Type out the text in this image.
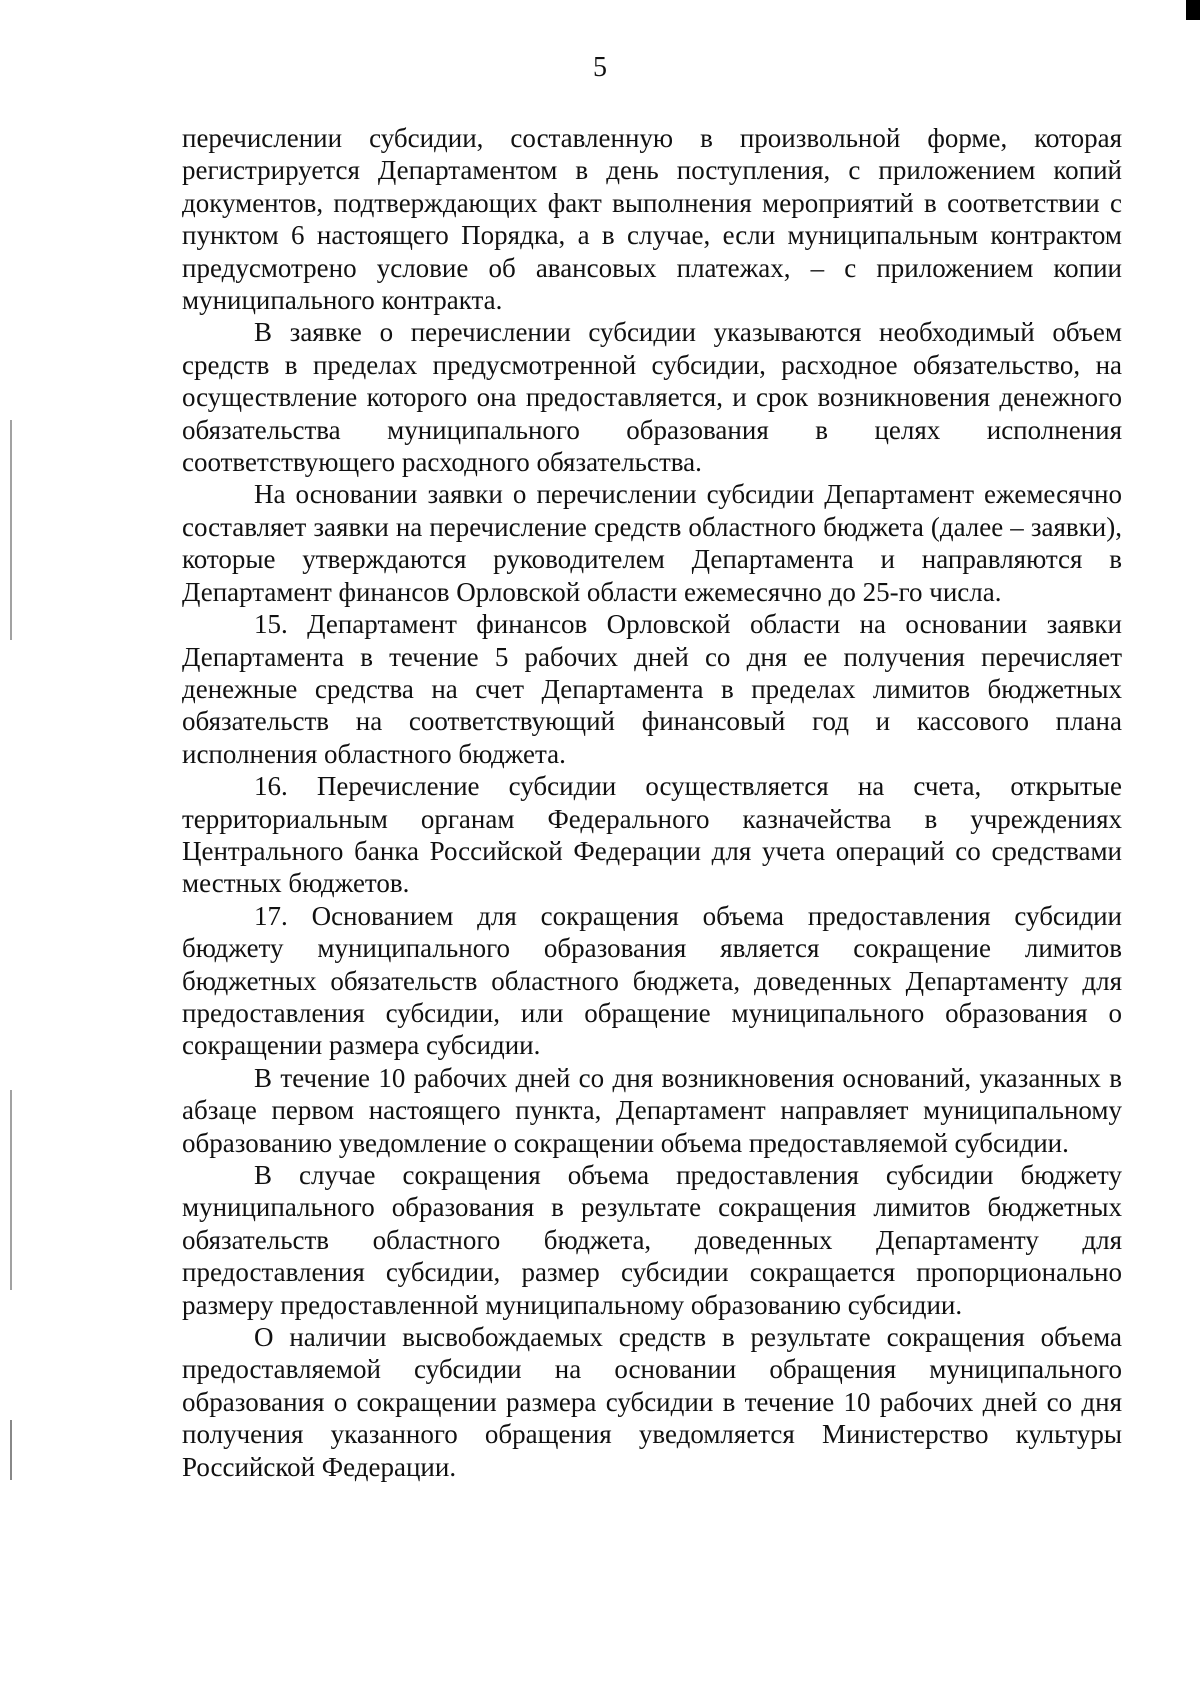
5

перечислении субсидии, составленную в произвольной форме, которая регистрируется Департаментом в день поступления, с приложением копий документов, подтверждающих факт выполнения мероприятий в соответствии с пунктом 6 настоящего Порядка, а в случае, если муниципальным контрактом предусмотрено условие об авансовых платежах, – с приложением копии муниципального контракта.

В заявке о перечислении субсидии указываются необходимый объем средств в пределах предусмотренной субсидии, расходное обязательство, на осуществление которого она предоставляется, и срок возникновения денежного обязательства муниципального образования в целях исполнения соответствующего расходного обязательства.

На основании заявки о перечислении субсидии Департамент ежемесячно составляет заявки на перечисление средств областного бюджета (далее – заявки), которые утверждаются руководителем Департамента и направляются в Департамент финансов Орловской области ежемесячно до 25-го числа.

15. Департамент финансов Орловской области на основании заявки Департамента в течение 5 рабочих дней со дня ее получения перечисляет денежные средства на счет Департамента в пределах лимитов бюджетных обязательств на соответствующий финансовый год и кассового плана исполнения областного бюджета.

16. Перечисление субсидии осуществляется на счета, открытые территориальным органам Федерального казначейства в учреждениях Центрального банка Российской Федерации для учета операций со средствами местных бюджетов.

17. Основанием для сокращения объема предоставления субсидии бюджету муниципального образования является сокращение лимитов бюджетных обязательств областного бюджета, доведенных Департаменту для предоставления субсидии, или обращение муниципального образования о сокращении размера субсидии.

В течение 10 рабочих дней со дня возникновения оснований, указанных в абзаце первом настоящего пункта, Департамент направляет муниципальному образованию уведомление о сокращении объема предоставляемой субсидии.

В случае сокращения объема предоставления субсидии бюджету муниципального образования в результате сокращения лимитов бюджетных обязательств областного бюджета, доведенных Департаменту для предоставления субсидии, размер субсидии сокращается пропорционально размеру предоставленной муниципальному образованию субсидии.

О наличии высвобождаемых средств в результате сокращения объема предоставляемой субсидии на основании обращения муниципального образования о сокращении размера субсидии в течение 10 рабочих дней со дня получения указанного обращения уведомляется Министерство культуры Российской Федерации.
